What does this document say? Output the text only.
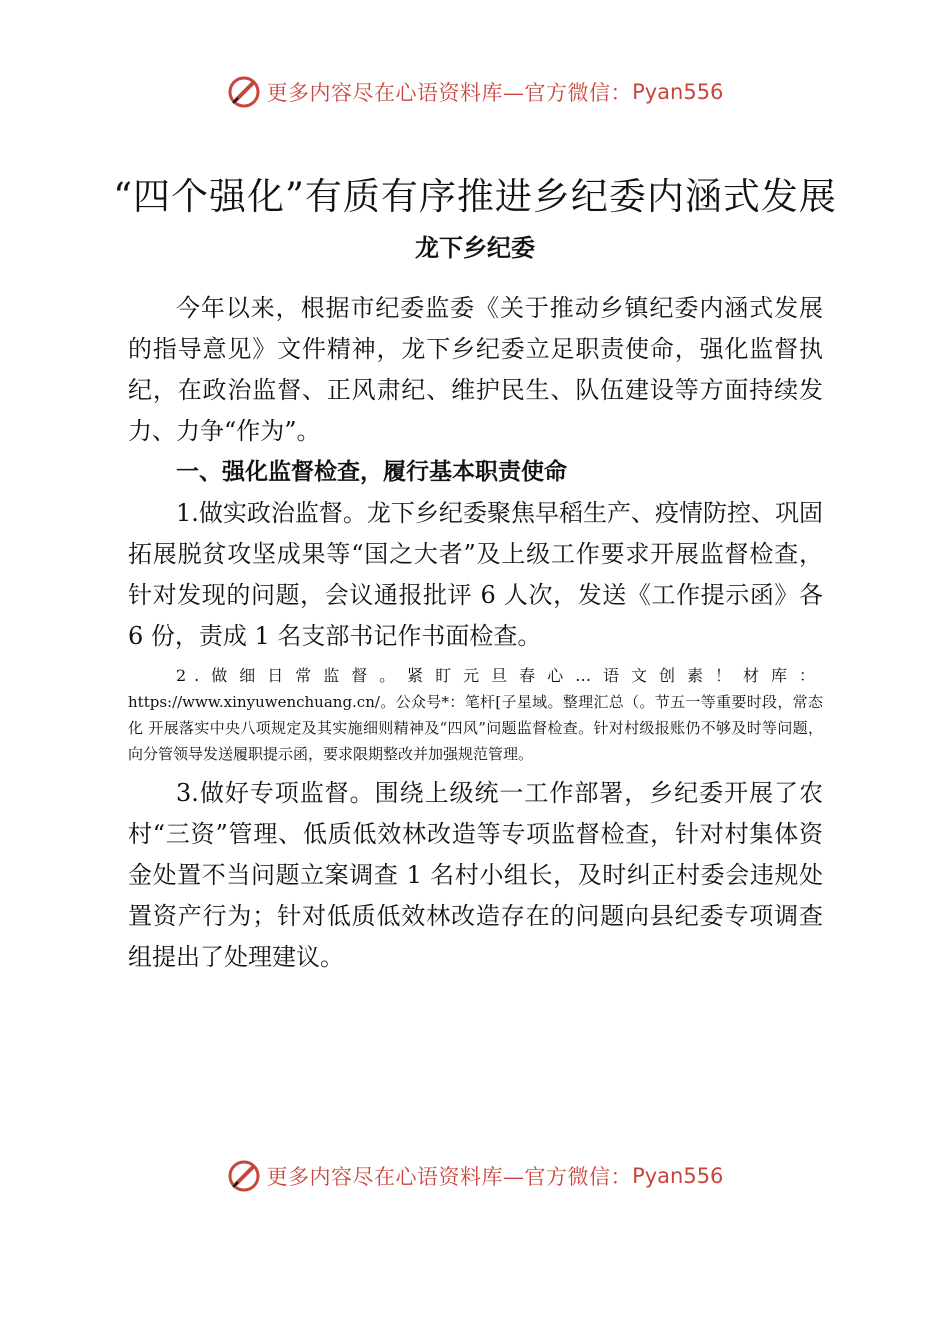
更多内容尽在心语资料库—官方微信： Pyan556
“四个强化”有质有序推进乡纪委内涵式发展
龙下乡纪委

今年以来，根据市纪委监委《关于推动乡镇纪委内涵式发展的指导意见》文件精神，龙下乡纪委立足职责使命，强化监督执纪，在政治监督、正风肃纪、维护民生、队伍建设等方面持续发力、力争“作为”。

一、强化监督检查，履行基本职责使命

1.做实政治监督。龙下乡纪委聚焦早稻生产、疫情防控、巩固拓展脱贫攻坚成果等“国之大者”及上级工作要求开展监督检查，针对发现的问题，会议通报批评 6 人次，发送《工作提示函》各 6 份，责成 1 名支部书记作书面检查。

2.做细日常监督。紧盯元旦春心…语文创素！材库：https://www.xinyuwenchuang.cn/。公众号*：笔杆[子星域。整理汇总（。节五一等重要时段，常态化 开展落实中央八项规定及其实施细则精神及“四风”问题监督检查。针对村级报账仍不够及时等问题，向分管领导发送履职提示函，要求限期整改并加强规范管理。

3.做好专项监督。围绕上级统一工作部署，乡纪委开展了农村“三资”管理、低质低效林改造等专项监督检查，针对村集体资金处置不当问题立案调查 1 名村小组长，及时纠正村委会违规处置资产行为；针对低质低效林改造存在的问题向县纪委专项调查组提出了处理建议。

更多内容尽在心语资料库—官方微信： Pyan556
